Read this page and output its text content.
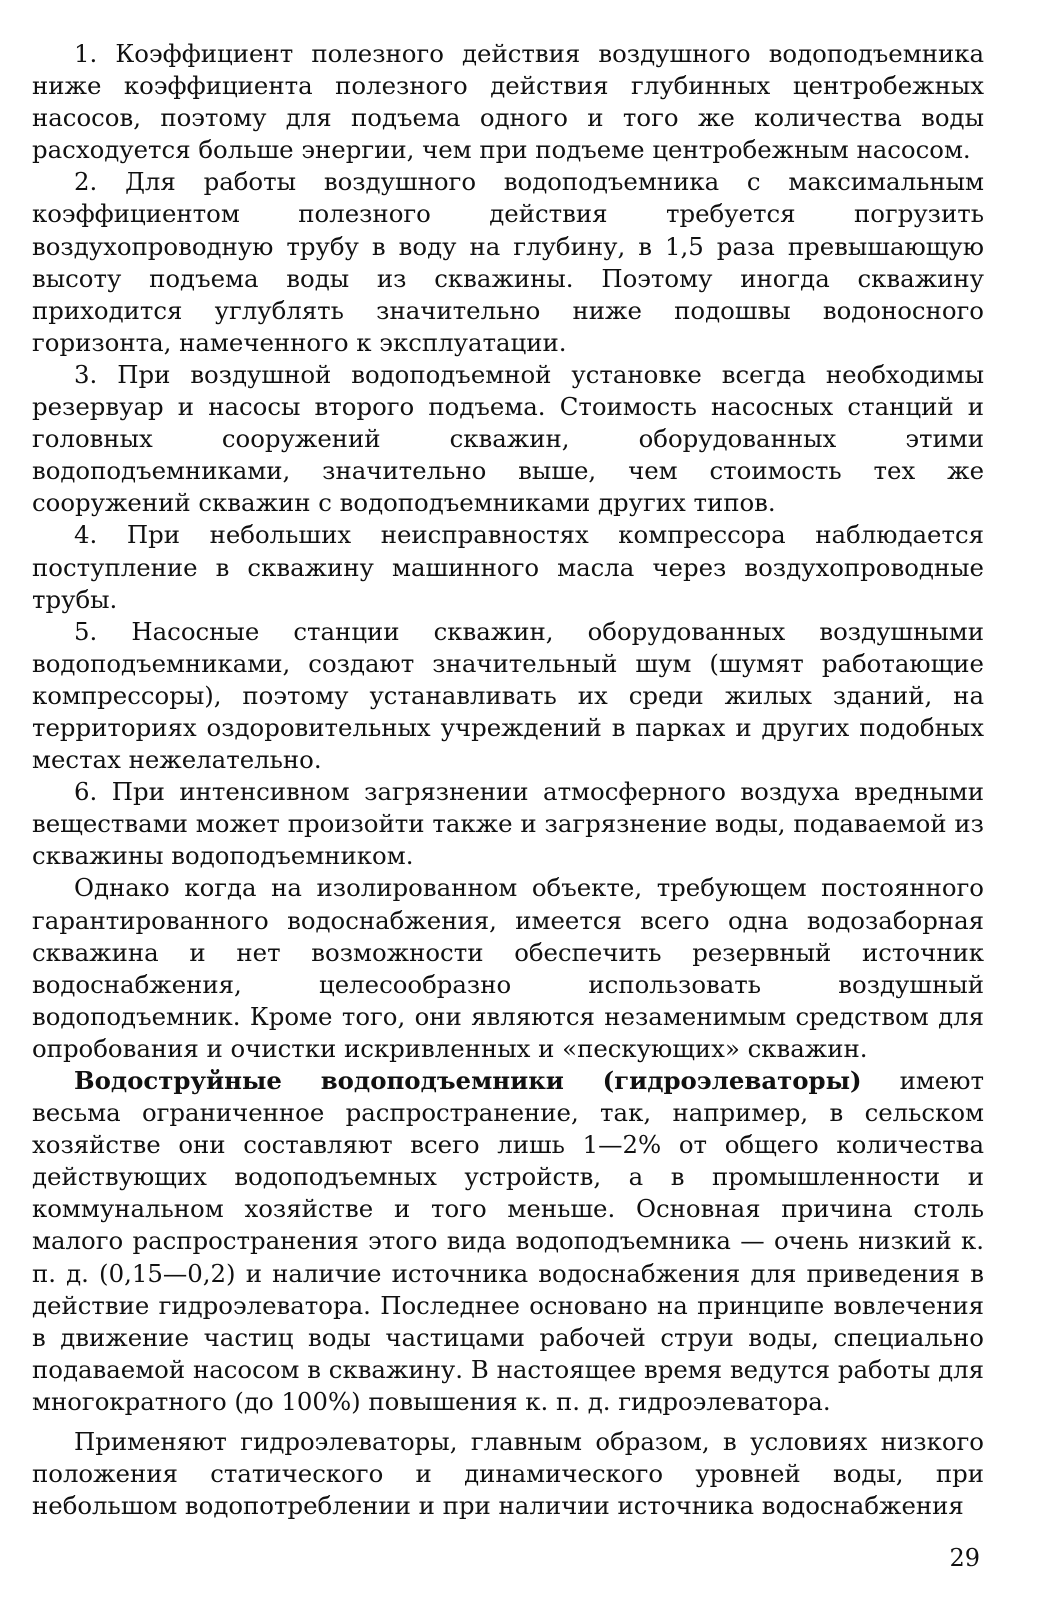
1. Коэффициент полезного действия воздушного водоподъемника ниже коэффициента полезного действия глубинных центробежных насосов, поэтому для подъема одного и того же количества воды расходуется больше энергии, чем при подъеме центробежным насосом.

2. Для работы воздушного водоподъемника с максимальным коэффициентом полезного действия требуется погрузить воздухопроводную трубу в воду на глубину, в 1,5 раза превышающую высоту подъема воды из скважины. Поэтому иногда скважину приходится углублять значительно ниже подошвы водоносного горизонта, намеченного к эксплуатации.

3. При воздушной водоподъемной установке всегда необходимы резервуар и насосы второго подъема. Стоимость насосных станций и головных сооружений скважин, оборудованных этими водоподъемниками, значительно выше, чем стоимость тех же сооружений скважин с водоподъемниками других типов.

4. При небольших неисправностях компрессора наблюдается поступление в скважину машинного масла через воздухопроводные трубы.

5. Насосные станции скважин, оборудованных воздушными водоподъемниками, создают значительный шум (шумят работающие компрессоры), поэтому устанавливать их среди жилых зданий, на территориях оздоровительных учреждений в парках и других подобных местах нежелательно.

6. При интенсивном загрязнении атмосферного воздуха вредными веществами может произойти также и загрязнение воды, подаваемой из скважины водоподъемником.

Однако когда на изолированном объекте, требующем постоянного гарантированного водоснабжения, имеется всего одна водозаборная скважина и нет возможности обеспечить резервный источник водоснабжения, целесообразно использовать воздушный водоподъемник. Кроме того, они являются незаменимым средством для опробования и очистки искривленных и «пескующих» скважин.

Водоструйные водоподъемники (гидроэлеваторы) имеют весьма ограниченное распространение, так, например, в сельском хозяйстве они составляют всего лишь 1—2% от общего количества действующих водоподъемных устройств, а в промышленности и коммунальном хозяйстве и того меньше. Основная причина столь малого распространения этого вида водоподъемника — очень низкий к. п. д. (0,15—0,2) и наличие источника водоснабжения для приведения в действие гидроэлеватора. Последнее основано на принципе вовлечения в движение частиц воды частицами рабочей струи воды, специально подаваемой насосом в скважину. В настоящее время ведутся работы для многократного (до 100%) повышения к. п. д. гидроэлеватора.

Применяют гидроэлеваторы, главным образом, в условиях низкого положения статического и динамического уровней воды, при небольшом водопотреблении и при наличии источника водоснабжения

29
